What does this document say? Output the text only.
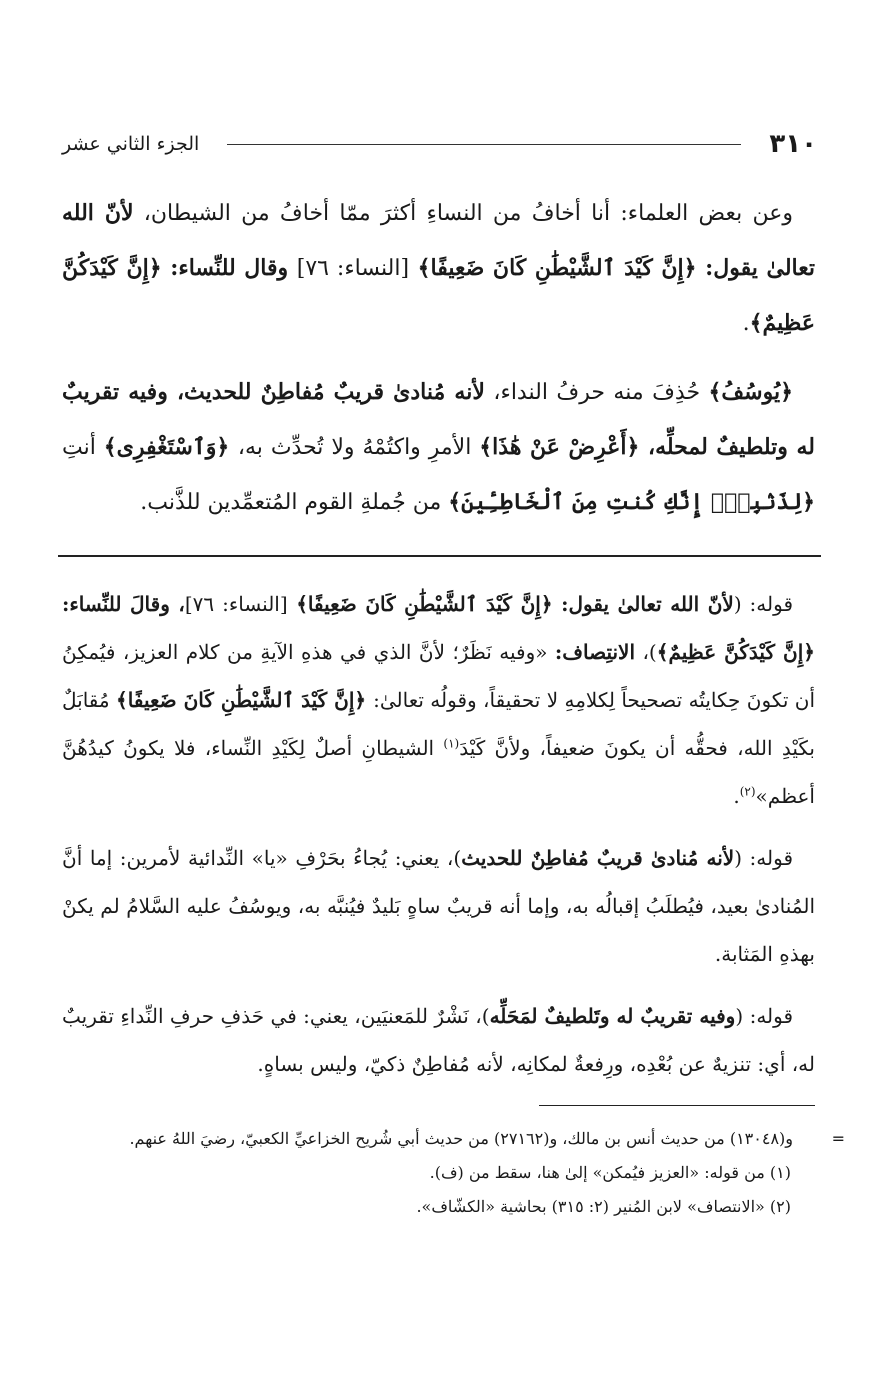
٣١٠
الجزء الثاني عشر

وعن بعض العلماء: أنا أخافُ من النساءِ أكثرَ ممّا أخافُ من الشيطان، لأنّ الله تعالىٰ يقول: ﴿إِنَّ كَيْدَ ٱلشَّيْطَٰنِ كَانَ ضَعِيفًا﴾ [النساء: ٧٦] وقال للنِّساء: ﴿إِنَّ كَيْدَكُنَّ عَظِيمٌ﴾.

﴿يُوسُفُ﴾ حُذِفَ منه حرفُ النداء، لأنه مُنادىٰ قريبٌ مُفاطِنٌ للحديث، وفيه تقريبٌ له وتلطيفٌ لمحلِّه، ﴿أَعْرِضْ عَنْ هَٰذَا﴾ الأمرِ واكتُمْهُ ولا تُحدِّث به، ﴿وَٱسْتَغْفِرِى﴾ أنتِ ﴿لِذَنۢبِكِۖ إِنَّكِ كُنتِ مِنَ ٱلْخَاطِـِٔينَ﴾ من جُملةِ القوم المُتعمِّدين للذَّنب.

قوله: (لأنّ الله تعالىٰ يقول: ﴿إِنَّ كَيْدَ ٱلشَّيْطَٰنِ كَانَ ضَعِيفًا﴾ [النساء: ٧٦]، وقالَ للنِّساء: ﴿إِنَّ كَيْدَكُنَّ عَظِيمٌ﴾)، الانتِصاف: «وفيه نَظَرٌ؛ لأنَّ الذي في هذهِ الآيةِ من كلام العزيز، فيُمكِنُ أن تكونَ حِكايتُه تصحيحاً لِكلامِهِ لا تحقيقاً، وقولُه تعالىٰ: ﴿إِنَّ كَيْدَ ٱلشَّيْطَٰنِ كَانَ ضَعِيفًا﴾ مُقابَلٌ بكَيْدِ الله، فحقُّه أن يكونَ ضعيفاً، ولأنَّ كَيْدَ$^{(١)}$ الشيطانِ أصلٌ لِكَيْدِ النِّساء، فلا يكونُ كيدُهُنَّ أعظم»$^{(٢)}$.

قوله: (لأنه مُنادىٰ قريبٌ مُفاطِنٌ للحديث)، يعني: يُجاءُ بحَرْفِ «يا» النِّدائية لأمرين: إما أنَّ المُنادىٰ بعيد، فيُطلَبُ إقبالُه به، وإما أنه قريبٌ ساهٍ بَليدٌ فيُنبَّه به، ويوسُفُ عليه السَّلامُ لم يكنْ بهذهِ المَثابة.

قوله: (وفيه تقريبٌ له وتَلطيفٌ لمَحَلِّه)، نَشْرٌ للمَعنيَين، يعني: في حَذفِ حرفِ النِّداءِ تقريبٌ له، أي: تنزيهٌ عن بُعْدِه، ورِفعةٌ لمكانِه، لأنه مُفاطِنٌ ذكيّ، وليس بساهٍ.

=
و(١٣٠٤٨) من حديث أنس بن مالك، و(٢٧١٦٢) من حديث أبي شُريح الخزاعيِّ الكعبيّ، رضيَ اللهُ عنهم.
(١) من قوله: «العزيز فيُمكن» إلىٰ هنا، سقط من (ف).
(٢) «الانتصاف» لابن المُنير (٢: ٣١٥) بحاشية «الكشّاف».
